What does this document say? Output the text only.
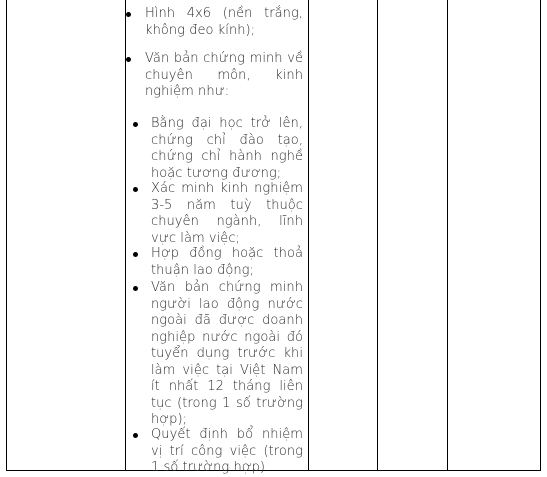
Hình 4x6 (nền trắng, không đeo kính);
Văn bản chứng minh về chuyên môn, kinh nghiệm như:
Bằng đại học trở lên, chứng chỉ đào tạo, chứng chỉ hành nghề hoặc tương đương;
Xác minh kinh nghiệm 3-5 năm tuỳ thuộc chuyên ngành, lĩnh vực làm việc;
Hợp đồng hoặc thoả thuận lao động;
Văn bản chứng minh người lao động nước ngoài đã được doanh nghiệp nước ngoài đó tuyển dụng trước khi làm việc tại Việt Nam ít nhất 12 tháng liên tục (trong 1 số trường hợp);
Quyết định bổ nhiệm vị trí công việc (trong 1 số trường hợp).
